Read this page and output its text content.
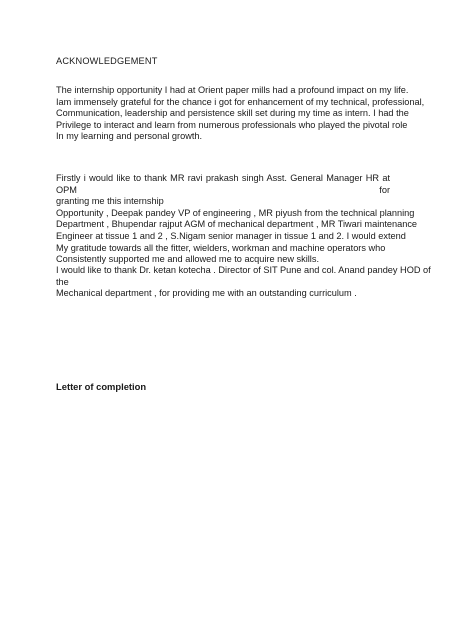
ACKNOWLEDGEMENT
The internship opportunity I had at Orient paper mills had a profound impact on my life.
Iam immensely grateful for the chance i got for enhancement of my technical, professional,
Communication, leadership and persistence skill set during my time as intern. I had the
Privilege to interact and learn from numerous professionals who played the pivotal role
In my learning and personal growth.
Firstly i would like to thank MR ravi prakash singh Asst. General Manager HR at OPM for
granting me this internship
Opportunity , Deepak pandey VP of engineering , MR piyush from the technical planning
Department , Bhupendar rajput AGM of mechanical department , MR Tiwari maintenance
Engineer at tissue 1 and 2 , S.Nigam senior manager in tissue 1 and 2. I would extend
My gratitude towards all the fitter, wielders, workman and machine operators who
Consistently supported me and allowed me to acquire new skills.
I would like to thank Dr. ketan kotecha . Director of SIT Pune and col. Anand pandey HOD of
the
Mechanical department , for providing me with an outstanding curriculum .
Letter of completion
